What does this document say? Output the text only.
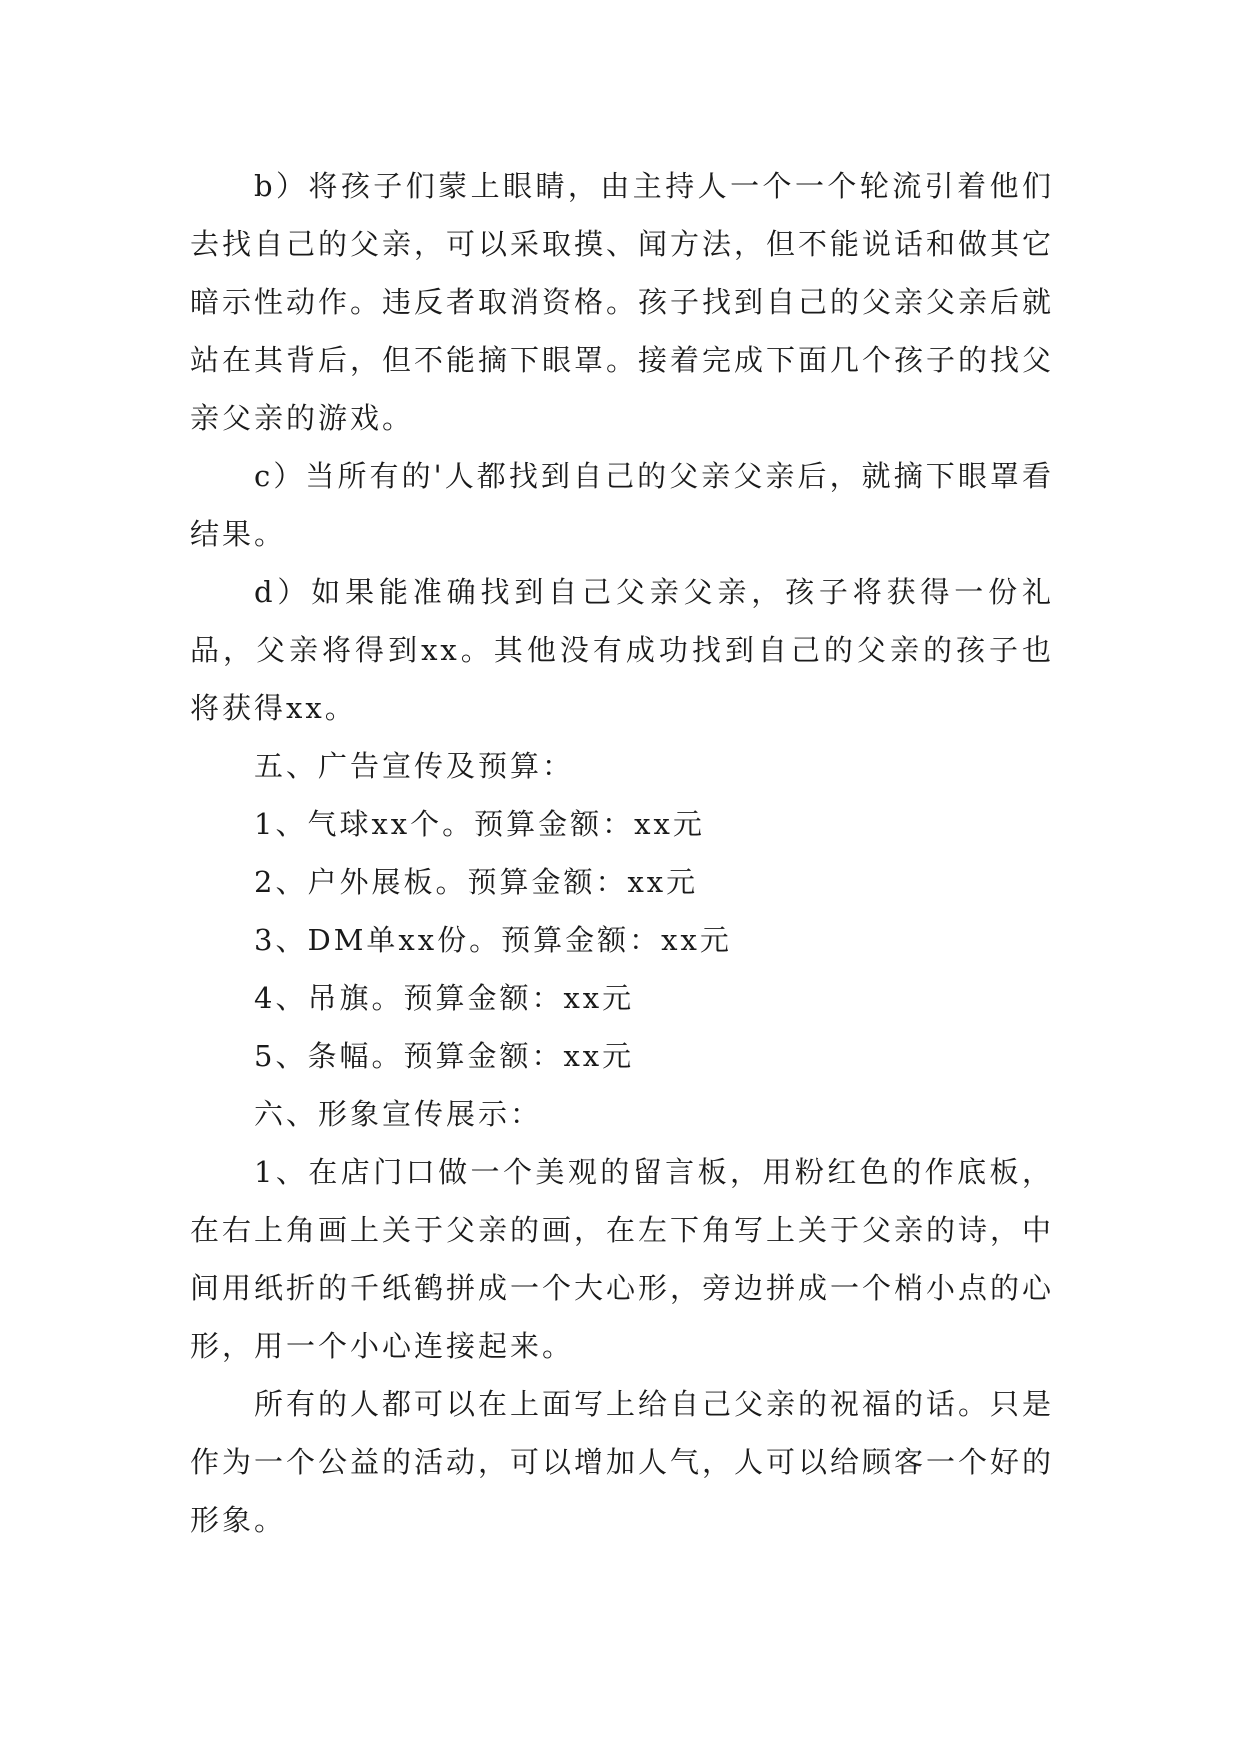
b）将孩子们蒙上眼睛，由主持人一个一个轮流引着他们去找自己的父亲，可以采取摸、闻方法，但不能说话和做其它暗示性动作。违反者取消资格。孩子找到自己的父亲父亲后就站在其背后，但不能摘下眼罩。接着完成下面几个孩子的找父亲父亲的游戏。

c）当所有的'人都找到自己的父亲父亲后，就摘下眼罩看结果。

d）如果能准确找到自己父亲父亲，孩子将获得一份礼品，父亲将得到xx。其他没有成功找到自己的父亲的孩子也将获得xx。

五、广告宣传及预算：

1、气球xx个。预算金额：xx元

2、户外展板。预算金额：xx元

3、DM单xx份。预算金额：xx元

4、吊旗。预算金额：xx元

5、条幅。预算金额：xx元

六、形象宣传展示：

1、在店门口做一个美观的留言板，用粉红色的作底板，在右上角画上关于父亲的画，在左下角写上关于父亲的诗，中间用纸折的千纸鹤拼成一个大心形，旁边拼成一个梢小点的心形，用一个小心连接起来。

所有的人都可以在上面写上给自己父亲的祝福的话。只是作为一个公益的活动，可以增加人气，人可以给顾客一个好的形象。
